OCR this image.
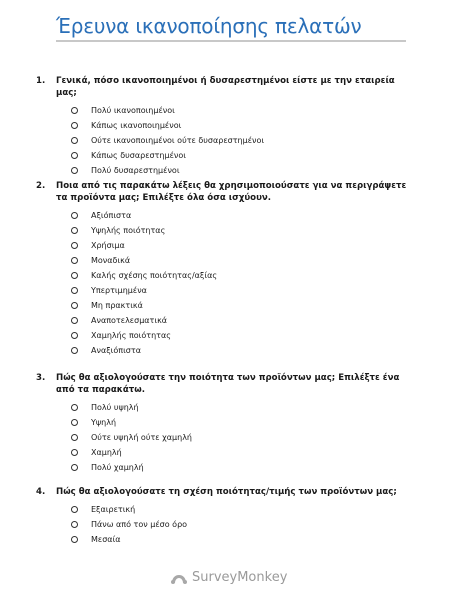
Έρευνα ικανοποίησης πελατών
1.	Γενικά, πόσο ικανοποιημένοι ή δυσαρεστημένοι είστε με την εταιρεία μας;
Πολύ ικανοποιημένοι
Κάπως ικανοποιημένοι
Ούτε ικανοποιημένοι ούτε δυσαρεστημένοι
Κάπως δυσαρεστημένοι
Πολύ δυσαρεστημένοι
2.	Ποια από τις παρακάτω λέξεις θα χρησιμοποιούσατε για να περιγράψετε τα προϊόντα μας; Επιλέξτε όλα όσα ισχύουν.
Αξιόπιστα
Υψηλής ποιότητας
Χρήσιμα
Μοναδικά
Καλής σχέσης ποιότητας/αξίας
Υπερτιμημένα
Μη πρακτικά
Αναποτελεσματικά
Χαμηλής ποιότητας
Αναξιόπιστα
3.	Πώς θα αξιολογούσατε την ποιότητα των προϊόντων μας; Επιλέξτε ένα από τα παρακάτω.
Πολύ υψηλή
Υψηλή
Ούτε υψηλή ούτε χαμηλή
Χαμηλή
Πολύ χαμηλή
4.	Πώς θα αξιολογούσατε τη σχέση ποιότητας/τιμής των προϊόντων μας;
Εξαιρετική
Πάνω από τον μέσο όρο
Μεσαία
SurveyMonkey
